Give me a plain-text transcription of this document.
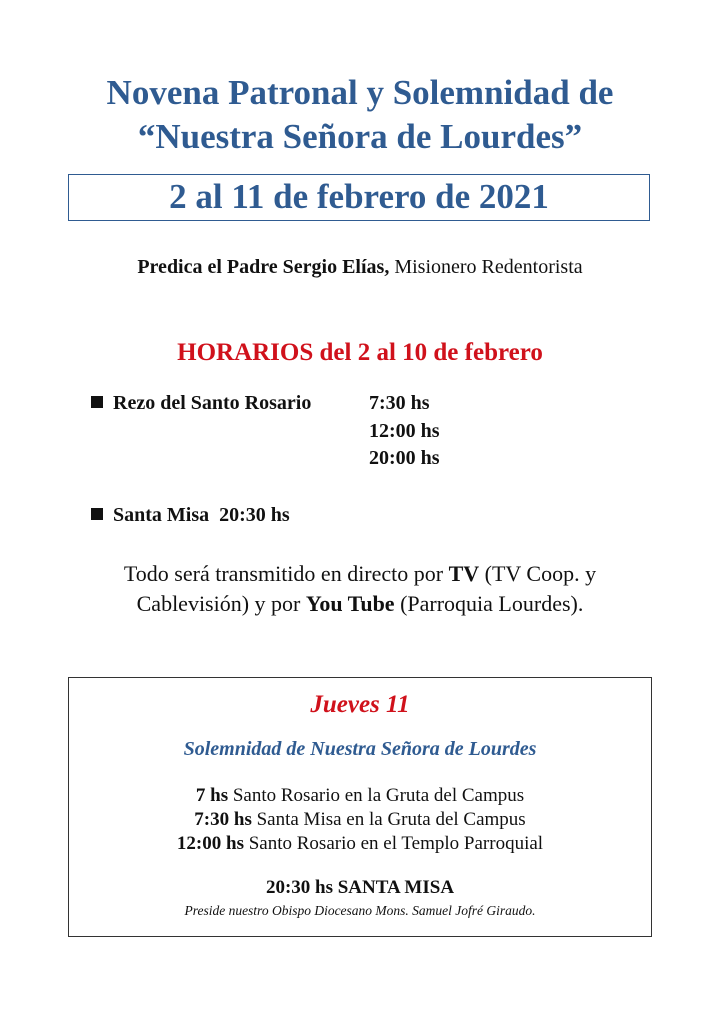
Novena Patronal y Solemnidad de
“Nuestra Señora de Lourdes”
2 al 11 de febrero de 2021
Predica el Padre Sergio Elías, Misionero Redentorista
HORARIOS del 2 al 10 de febrero
Rezo del Santo Rosario	7:30 hs
12:00 hs
20:00 hs
Santa Misa  20:30 hs
Todo será transmitido en directo por TV (TV Coop. y
Cablevisión) y por You Tube (Parroquia Lourdes).
Jueves 11
Solemnidad de Nuestra Señora de Lourdes
7 hs Santo Rosario en la Gruta del Campus
7:30 hs Santa Misa en la Gruta del Campus
12:00 hs Santo Rosario en el Templo Parroquial
20:30 hs SANTA MISA
Preside nuestro Obispo Diocesano Mons. Samuel Jofré Giraudo.
